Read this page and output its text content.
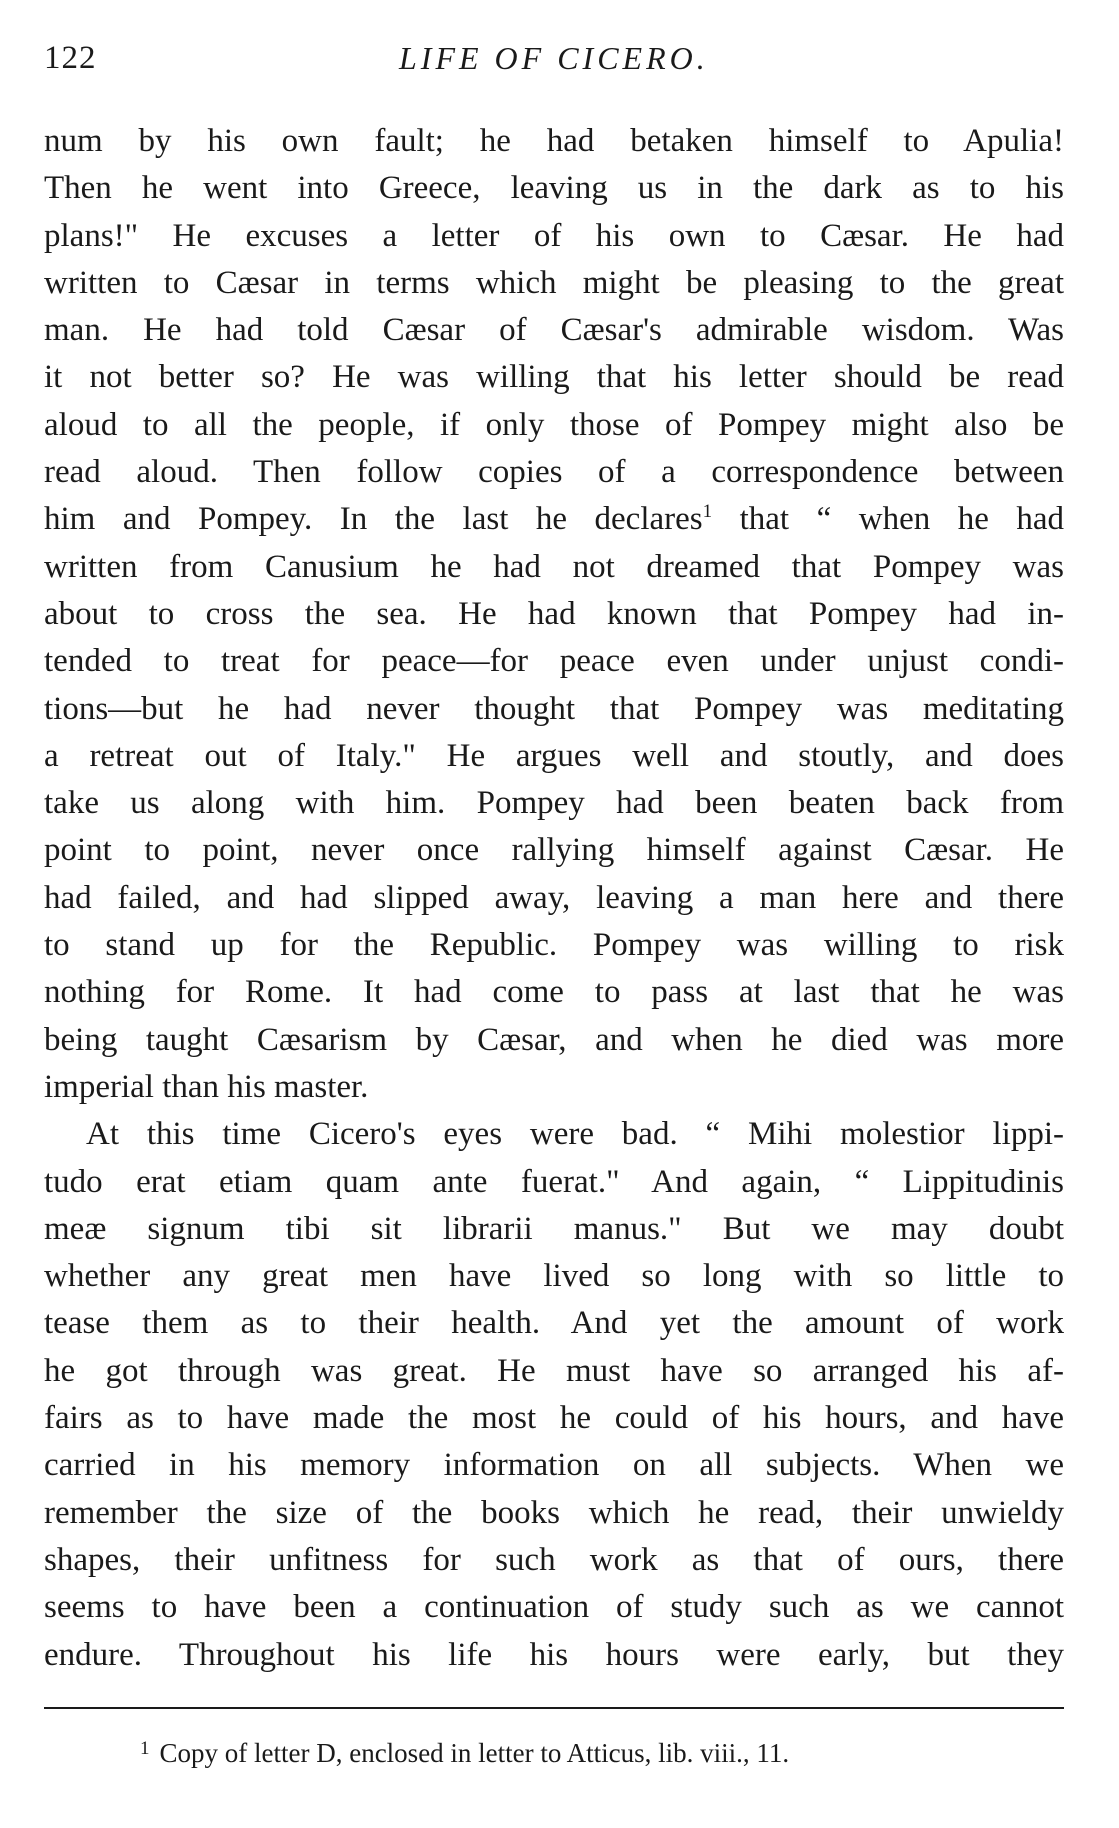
122	LIFE OF CICERO.
num by his own fault; he had betaken himself to Apulia!
Then he went into Greece, leaving us in the dark as to his
plans!" He excuses a letter of his own to Cæsar. He had
written to Cæsar in terms which might be pleasing to the great
man. He had told Cæsar of Cæsar's admirable wisdom. Was
it not better so? He was willing that his letter should be read
aloud to all the people, if only those of Pompey might also be
read aloud. Then follow copies of a correspondence between
him and Pompey. In the last he declares$^1$ that “ when he had
written from Canusium he had not dreamed that Pompey was
about to cross the sea. He had known that Pompey had in-
tended to treat for peace—for peace even under unjust condi-
tions—but he had never thought that Pompey was meditating
a retreat out of Italy." He argues well and stoutly, and does
take us along with him. Pompey had been beaten back from
point to point, never once rallying himself against Cæsar. He
had failed, and had slipped away, leaving a man here and there
to stand up for the Republic. Pompey was willing to risk
nothing for Rome. It had come to pass at last that he was
being taught Cæsarism by Cæsar, and when he died was more
imperial than his master.
At this time Cicero's eyes were bad. “ Mihi molestior lippi-
tudo erat etiam quam ante fuerat." And again, “ Lippitudinis
meæ signum tibi sit librarii manus." But we may doubt
whether any great men have lived so long with so little to
tease them as to their health. And yet the amount of work
he got through was great. He must have so arranged his af-
fairs as to have made the most he could of his hours, and have
carried in his memory information on all subjects. When we
remember the size of the books which he read, their unwieldy
shapes, their unfitness for such work as that of ours, there
seems to have been a continuation of study such as we cannot
endure. Throughout his life his hours were early, but they
$^1$ Copy of letter D, enclosed in letter to Atticus, lib. viii., 11.
